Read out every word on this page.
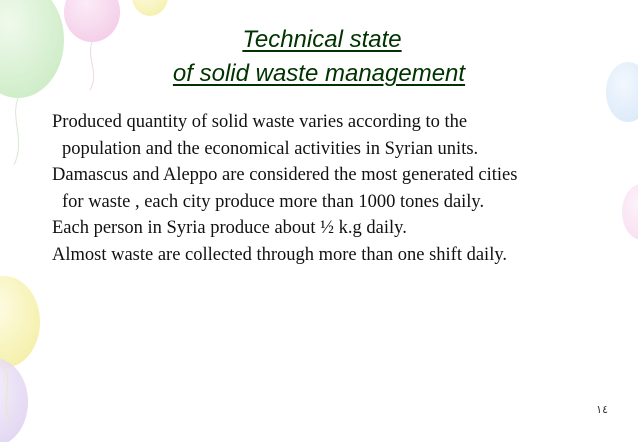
Technical state
of solid waste management

Produced quantity of solid waste varies according to the population and the economical activities in Syrian units.

Damascus and Aleppo are considered the most generated cities for waste , each city produce more than 1000 tones daily.

Each person in Syria produce about ½ k.g daily.

Almost waste are collected through more than one shift daily.

١٤
